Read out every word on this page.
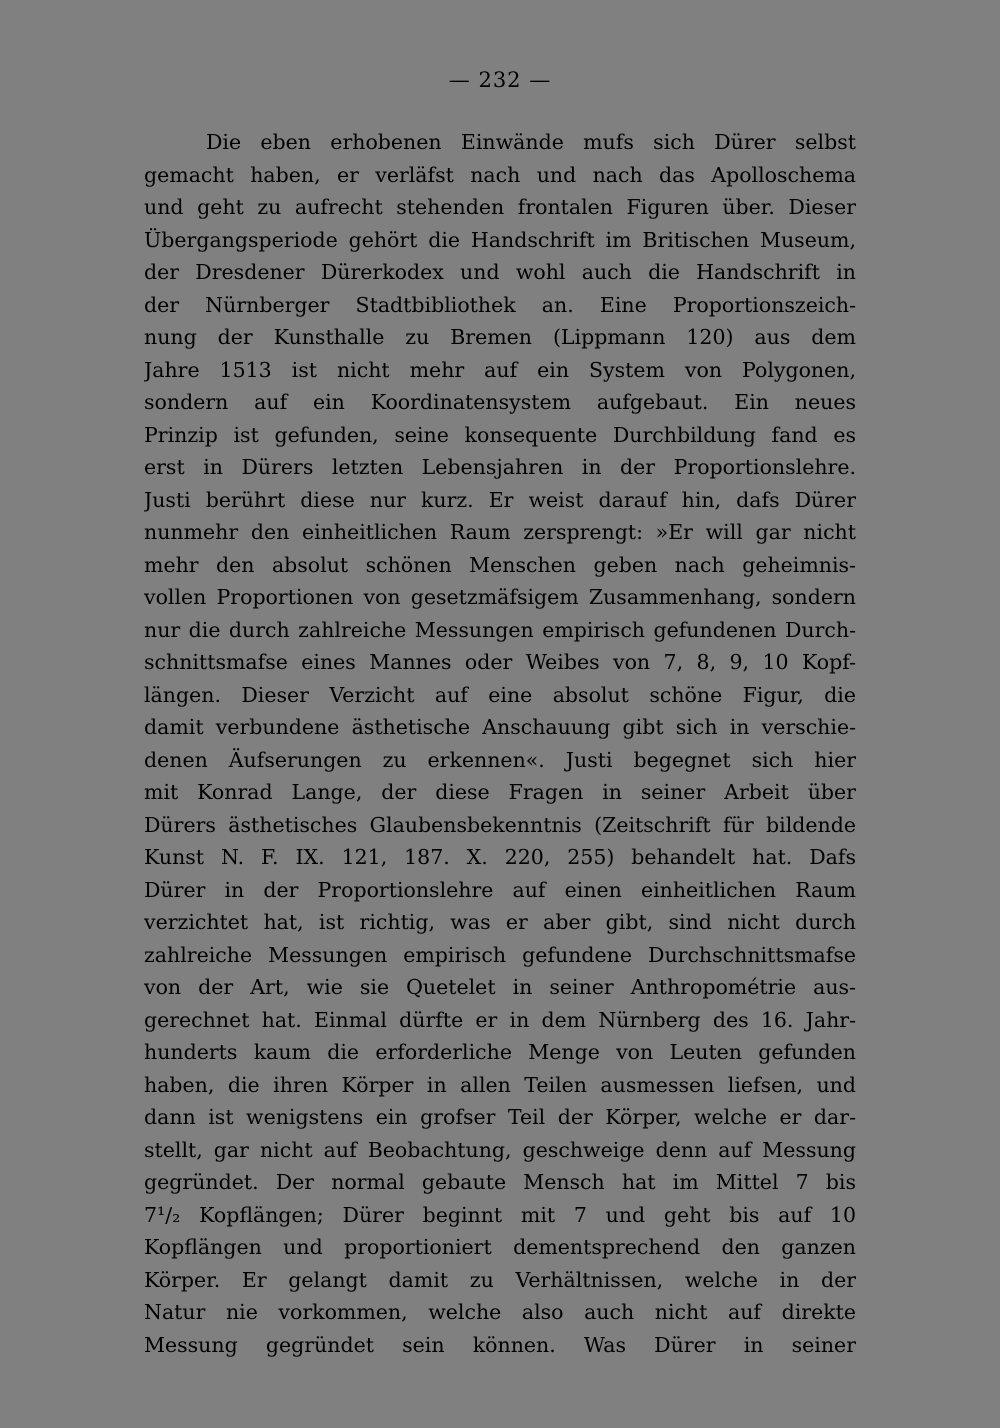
— 232 —
Die eben erhobenen Einwände mufs sich Dürer selbst
gemacht haben, er verläfst nach und nach das Apolloschema
und geht zu aufrecht stehenden frontalen Figuren über. Dieser
Übergangsperiode gehört die Handschrift im Britischen Museum,
der Dresdener Dürerkodex und wohl auch die Handschrift in
der Nürnberger Stadtbibliothek an. Eine Proportionszeich-
nung der Kunsthalle zu Bremen (Lippmann 120) aus dem
Jahre 1513 ist nicht mehr auf ein System von Polygonen,
sondern auf ein Koordinatensystem aufgebaut. Ein neues
Prinzip ist gefunden, seine konsequente Durchbildung fand es
erst in Dürers letzten Lebensjahren in der Proportionslehre.
Justi berührt diese nur kurz. Er weist darauf hin, dafs Dürer
nunmehr den einheitlichen Raum zersprengt: »Er will gar nicht
mehr den absolut schönen Menschen geben nach geheimnis-
vollen Proportionen von gesetzmäfsigem Zusammenhang, sondern
nur die durch zahlreiche Messungen empirisch gefundenen Durch-
schnittsmafse eines Mannes oder Weibes von 7, 8, 9, 10 Kopf-
längen. Dieser Verzicht auf eine absolut schöne Figur, die
damit verbundene ästhetische Anschauung gibt sich in verschie-
denen Äufserungen zu erkennen«. Justi begegnet sich hier
mit Konrad Lange, der diese Fragen in seiner Arbeit über
Dürers ästhetisches Glaubensbekenntnis (Zeitschrift für bildende
Kunst N. F. IX. 121, 187. X. 220, 255) behandelt hat. Dafs
Dürer in der Proportionslehre auf einen einheitlichen Raum
verzichtet hat, ist richtig, was er aber gibt, sind nicht durch
zahlreiche Messungen empirisch gefundene Durchschnittsmafse
von der Art, wie sie Quetelet in seiner Anthropométrie aus-
gerechnet hat. Einmal dürfte er in dem Nürnberg des 16. Jahr-
hunderts kaum die erforderliche Menge von Leuten gefunden
haben, die ihren Körper in allen Teilen ausmessen liefsen, und
dann ist wenigstens ein grofser Teil der Körper, welche er dar-
stellt, gar nicht auf Beobachtung, geschweige denn auf Messung
gegründet. Der normal gebaute Mensch hat im Mittel 7 bis
7¹/₂ Kopflängen; Dürer beginnt mit 7 und geht bis auf 10
Kopflängen und proportioniert dementsprechend den ganzen
Körper. Er gelangt damit zu Verhältnissen, welche in der
Natur nie vorkommen, welche also auch nicht auf direkte
Messung gegründet sein können. Was Dürer in seiner
